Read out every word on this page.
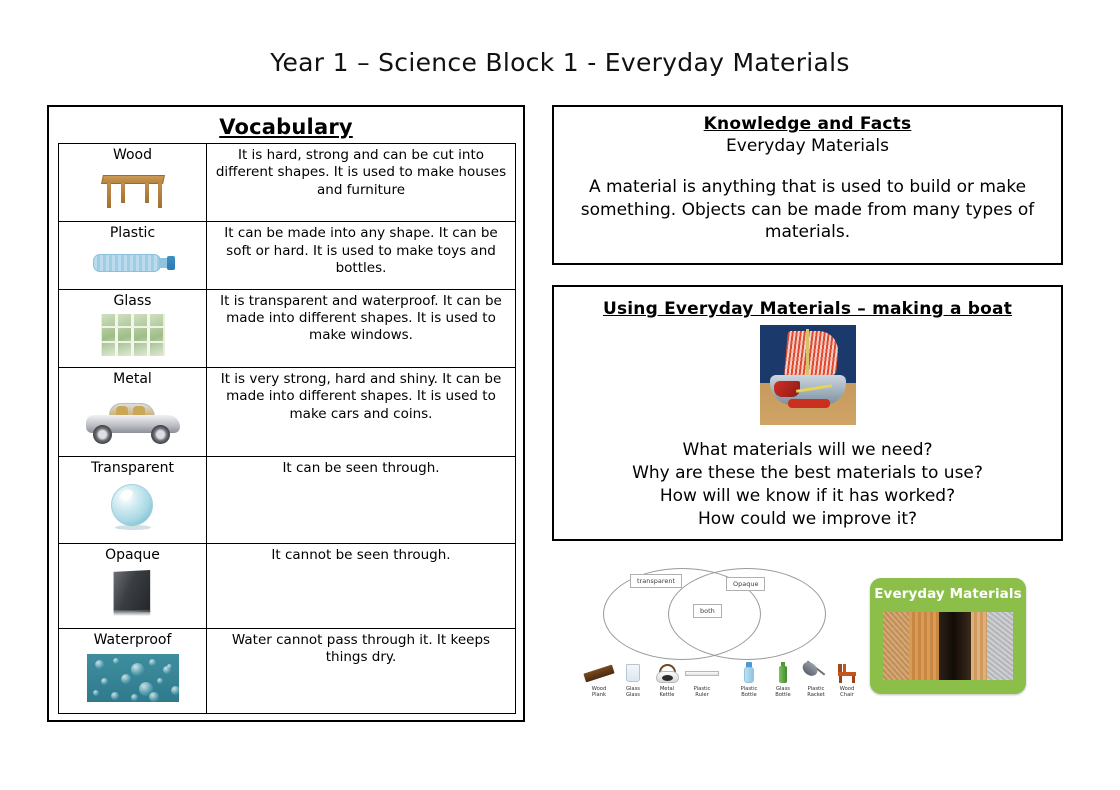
Year 1 – Science Block 1 - Everyday Materials
Vocabulary
Wood	It is hard, strong and can be cut into different shapes. It is used to make houses and furniture

Plastic	It can be made into any shape. It can be soft or hard. It is used to make toys and bottles.

Glass	It is transparent and waterproof. It can be made into different shapes. It is used to make windows.

Metal	It is very strong, hard and shiny. It can be made into different shapes. It is used to make cars and coins.

Transparent	It can be seen through.

Opaque	It cannot be seen through.

Waterproof	Water cannot pass through it. It keeps things dry.
Knowledge and Facts
Everyday Materials
A material is anything that is used to build or make something. Objects can be made from many types of materials.
Using Everyday Materials – making a boat
What materials will we need?
Why are these the best materials to use?
How will we know if it has worked?
How could we improve it?
transparent	Opaque
both
Wood
Plank
Glass
Glass
Metal
Kettle
Plastic
Ruler
Plastic
Bottle
Glass
Bottle
Plastic
Racket
Wood
Chair
Everyday Materials
